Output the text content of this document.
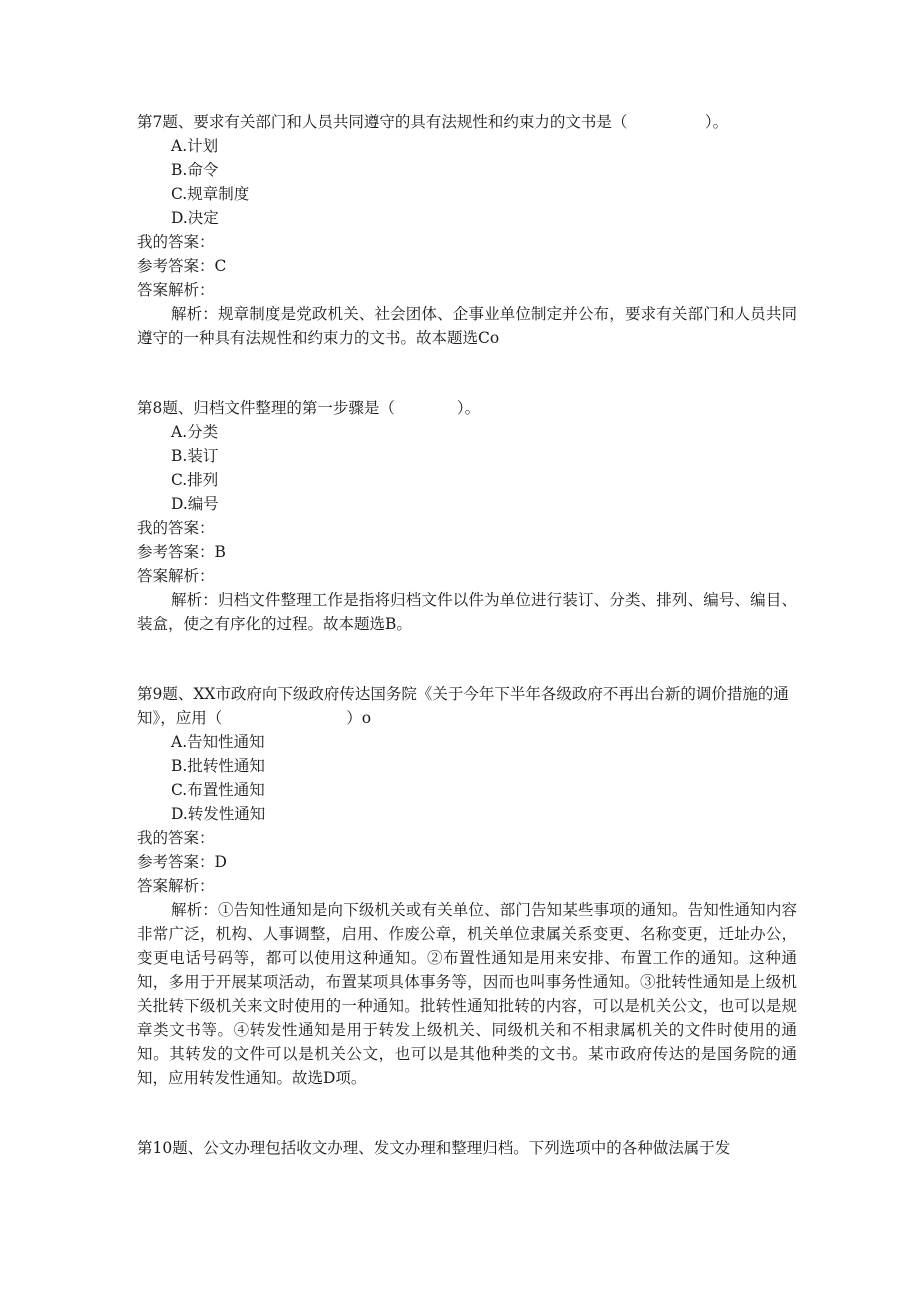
第7题、要求有关部门和人员共同遵守的具有法规性和约束力的文书是（　　　　　）。

A.计划

B.命令

C.规章制度

D.决定

我的答案：

参考答案：C

答案解析：

解析：规章制度是党政机关、社会团体、企事业单位制定并公布，要求有关部门和人员共同遵守的一种具有法规性和约束力的文书。故本题选Co

第8题、归档文件整理的第一步骤是（　　　　）。

A.分类

B.装订

C.排列

D.编号

我的答案：

参考答案：B

答案解析：

解析：归档文件整理工作是指将归档文件以件为单位进行装订、分类、排列、编号、编目、装盒，使之有序化的过程。故本题选B。

第9题、XX市政府向下级政府传达国务院《关于今年下半年各级政府不再出台新的调价措施的通知》，应用（　　　　　　　　）o

A.告知性通知

B.批转性通知

C.布置性通知

D.转发性通知

我的答案：

参考答案：D

答案解析：

解析：①告知性通知是向下级机关或有关单位、部门告知某些事项的通知。告知性通知内容非常广泛，机构、人事调整，启用、作废公章，机关单位隶属关系变更、名称变更，迁址办公，变更电话号码等，都可以使用这种通知。②布置性通知是用来安排、布置工作的通知。这种通知，多用于开展某项活动，布置某项具体事务等，因而也叫事务性通知。③批转性通知是上级机关批转下级机关来文时使用的一种通知。批转性通知批转的内容，可以是机关公文，也可以是规章类文书等。④转发性通知是用于转发上级机关、同级机关和不相隶属机关的文件时使用的通知。其转发的文件可以是机关公文，也可以是其他种类的文书。某市政府传达的是国务院的通知，应用转发性通知。故选D项。

第10题、公文办理包括收文办理、发文办理和整理归档。下列选项中的各种做法属于发
